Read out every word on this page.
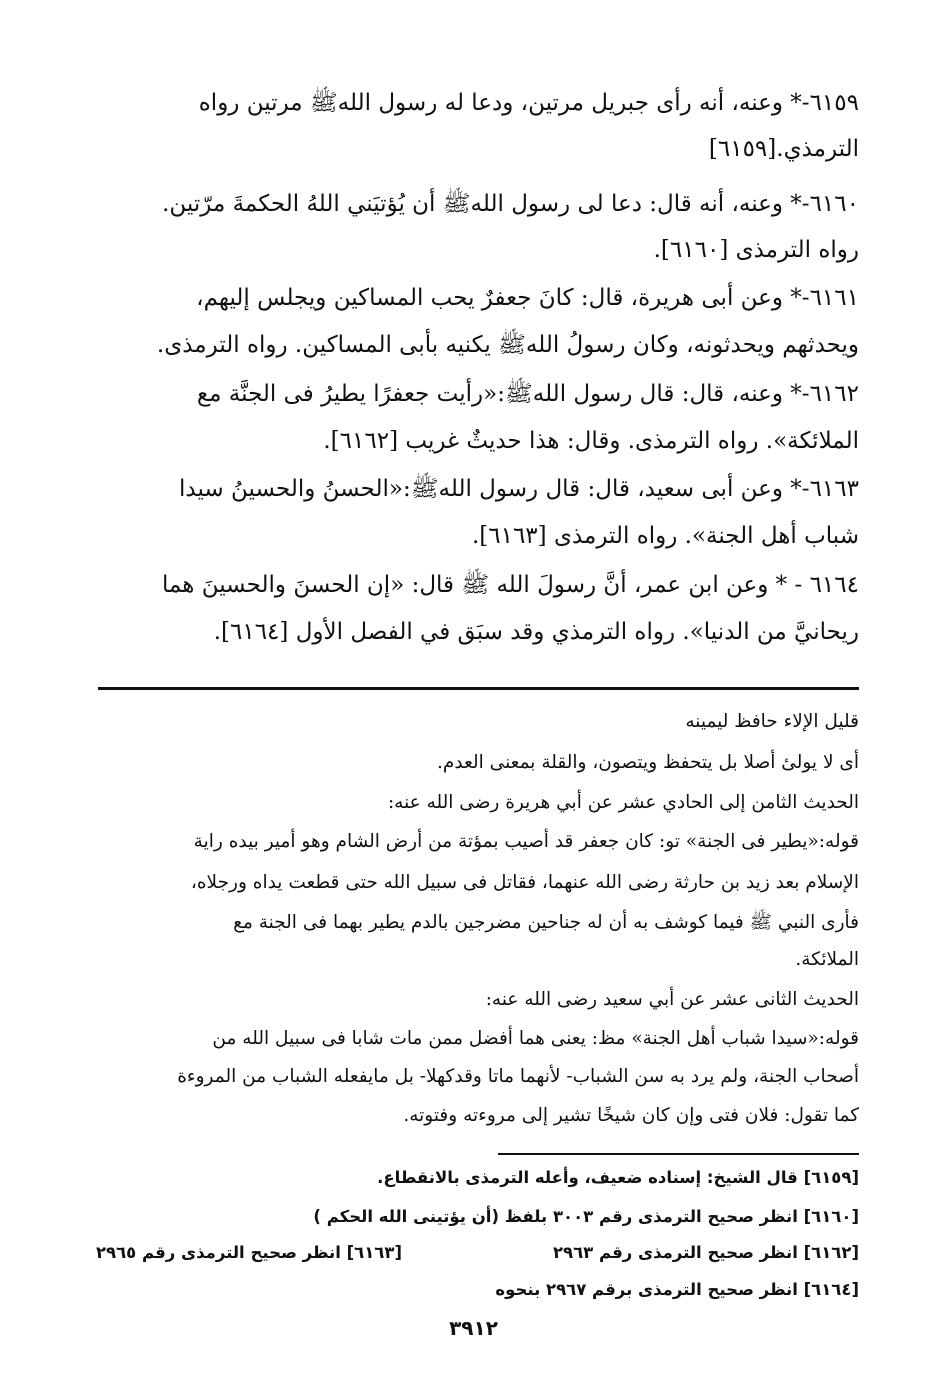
٦١٥٩-* وعنه، أنه رأى جبريل مرتين، ودعا له رسول اللهﷺ مرتين رواه
الترمذي.[٦١٥٩]
٦١٦٠-* وعنه، أنه قال: دعا لى رسول اللهﷺ أن يُؤتيَني اللهُ الحكمةَ مرّتين.
رواه الترمذى [٦١٦٠].
٦١٦١-* وعن أبى هريرة، قال: كانَ جعفرٌ يحب المساكين ويجلس إليهم،
ويحدثهم ويحدثونه، وكان رسولُ اللهﷺ يكنيه بأبى المساكين. رواه الترمذى.
٦١٦٢-* وعنه، قال: قال رسول اللهﷺ:«رأيت جعفرًا يطيرُ فى الجنَّة مع
الملائكة». رواه الترمذى. وقال: هذا حديثٌ غريب [٦١٦٢].
٦١٦٣-* وعن أبى سعيد، قال: قال رسول اللهﷺ:«الحسنُ والحسينُ سيدا
شباب أهل الجنة». رواه الترمذى [٦١٦٣].
٦١٦٤ - * وعن ابن عمر، أنَّ رسولَ الله ﷺ قال: «إن الحسنَ والحسينَ هما
ريحانيَّ من الدنيا». رواه الترمذي وقد سبَق في الفصل الأول [٦١٦٤].
قليل الإلاء حافظ ليمينه
أى لا يولىٔ أصلا بل يتحفظ ويتصون، والقلة بمعنى العدم.
الحديث الثامن إلى الحادي عشر عن أبي هريرة رضى الله عنه:
قوله:«يطير فى الجنة» تو: كان جعفر قد أصيب بمؤتة من أرض الشام وهو أمير بيده راية
الإسلام بعد زيد بن حارثة رضى الله عنهما، فقاتل فى سبيل الله حتى قطعت يداه ورجلاه،
فأرى النبي ﷺ فيما كوشف به أن له جناحين مضرجين بالدم يطير بهما فى الجنة مع
الملائكة.
الحديث الثانى عشر عن أبي سعيد رضى الله عنه:
قوله:«سيدا شباب أهل الجنة» مظ: يعنى هما أفضل ممن مات شابا فى سبيل الله من
أصحاب الجنة، ولم يرد به سن الشباب- لأنهما ماتا وقدكهلا- بل مايفعله الشباب من المروءة
كما تقول: فلان فتى وإن كان شيخًا تشير إلى مروءته وفتوته.
[٦١٥٩] قال الشيخ: إسناده ضعيف، وأعله الترمذى بالانقطاع.
[٦١٦٠] انظر صحيح الترمذى رقم ٣٠٠٣ بلفظ (أن يؤتينى الله الحكم )
[٦١٦٢] انظر صحيح الترمذى رقم ٢٩٦٣
[٦١٦٣] انظر صحيح الترمذى رقم ٢٩٦٥
[٦١٦٤] انظر صحيح الترمذى برقم ٢٩٦٧ بنحوه
٣٩١٢
